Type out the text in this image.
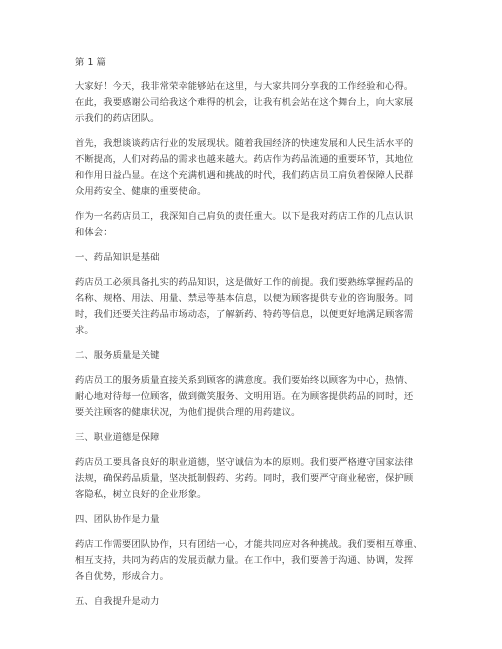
第 1 篇
大家好！今天，我非常荣幸能够站在这里，与大家共同分享我的工作经验和心得。
在此，我要感谢公司给我这个难得的机会，让我有机会站在这个舞台上，向大家展
示我们的药店团队。
首先，我想谈谈药店行业的发展现状。随着我国经济的快速发展和人民生活水平的
不断提高，人们对药品的需求也越来越大。药店作为药品流通的重要环节，其地位
和作用日益凸显。在这个充满机遇和挑战的时代，我们药店员工肩负着保障人民群
众用药安全、健康的重要使命。
作为一名药店员工，我深知自己肩负的责任重大。以下是我对药店工作的几点认识
和体会：
一、药品知识是基础
药店员工必须具备扎实的药品知识，这是做好工作的前提。我们要熟练掌握药品的
名称、规格、用法、用量、禁忌等基本信息，以便为顾客提供专业的咨询服务。同
时，我们还要关注药品市场动态，了解新药、特药等信息，以便更好地满足顾客需
求。
二、服务质量是关键
药店员工的服务质量直接关系到顾客的满意度。我们要始终以顾客为中心，热情、
耐心地对待每一位顾客，做到微笑服务、文明用语。在为顾客提供药品的同时，还
要关注顾客的健康状况，为他们提供合理的用药建议。
三、职业道德是保障
药店员工要具备良好的职业道德，坚守诚信为本的原则。我们要严格遵守国家法律
法规，确保药品质量，坚决抵制假药、劣药。同时，我们要严守商业秘密，保护顾
客隐私，树立良好的企业形象。
四、团队协作是力量
药店工作需要团队协作，只有团结一心，才能共同应对各种挑战。我们要相互尊重、
相互支持，共同为药店的发展贡献力量。在工作中，我们要善于沟通、协调，发挥
各自优势，形成合力。
五、自我提升是动力
